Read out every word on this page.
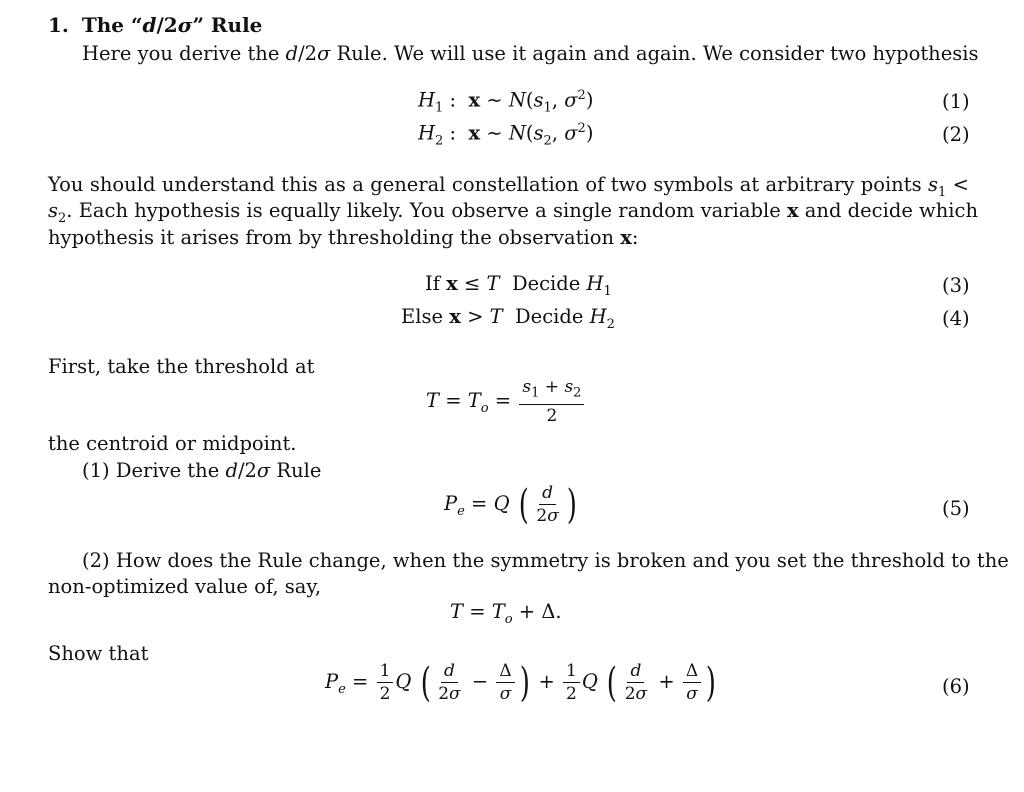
1. The “d/2σ” Rule
Here you derive the d/2σ Rule. We will use it again and again. We consider two hypothesis
$H_1$ :  x ∼ $N(s_1$, $\sigma^2$)	(1)
$H_2$ :  x ∼ $N(s_2$, $\sigma^2$)	(2)
You should understand this as a general constellation of two symbols at arbitrary points $s_1$ <
$s_2$. Each hypothesis is equally likely. You observe a single random variable x and decide which
hypothesis it arises from by thresholding the observation x:
If x ≤ T Decide $H_1$	(3)
Else x > T Decide $H_2$	(4)
First, take the threshold at
$T = T_o = \frac{s_1 + s_2}{2}$
the centroid or midpoint.
(1) Derive the d/2σ Rule
$P_e = Q$ ( $\frac{d}{2\sigma}$ )	(5)
(2) How does the Rule change, when the symmetry is broken and you set the threshold to the
non-optimized value of, say,
$T = T_o + \Delta$.
Show that
$P_e = \frac{1}{2}$ Q ( $\frac{d}{2\sigma} - \frac{\Delta}{\sigma}$ ) + $\frac{1}{2}$ Q ( $\frac{d}{2\sigma} + \frac{\Delta}{\sigma}$ )	(6)
